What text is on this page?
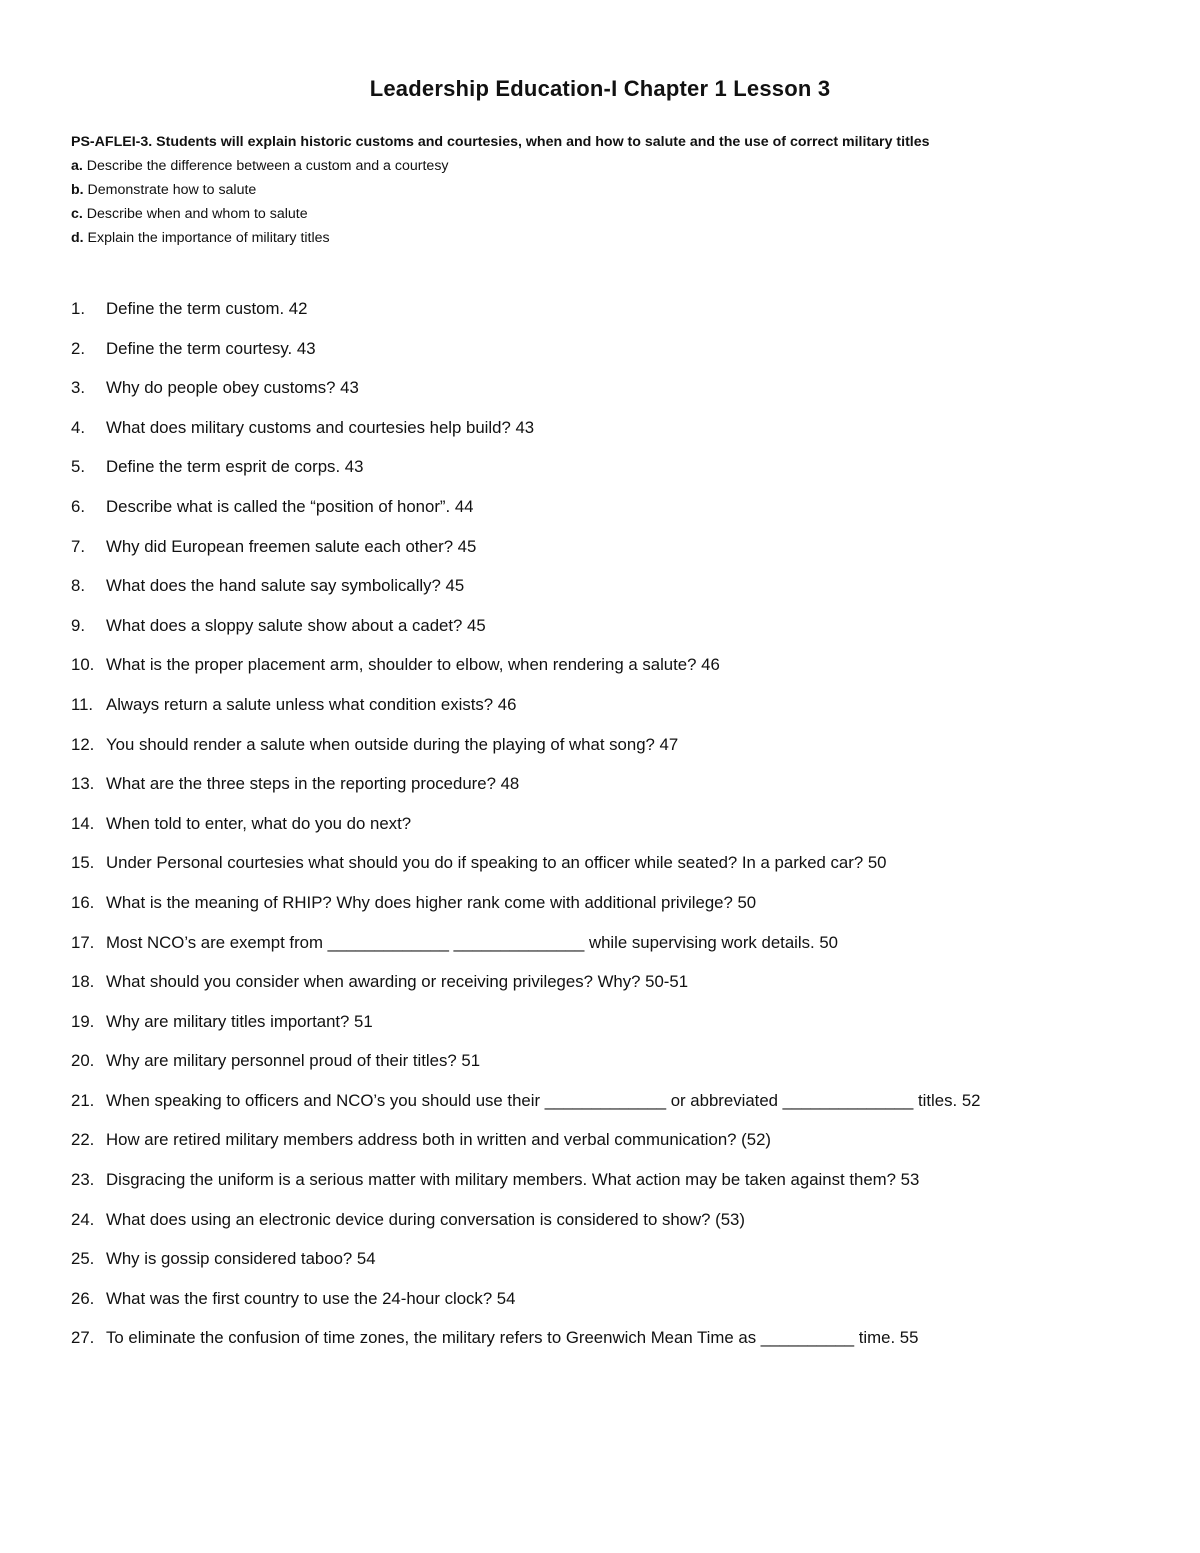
Leadership Education-I Chapter 1 Lesson 3
PS-AFLEI-3. Students will explain historic customs and courtesies, when and how to salute and the use of correct military titles
a. Describe the difference between a custom and a courtesy
b. Demonstrate how to salute
c. Describe when and whom to salute
d. Explain the importance of military titles
1.	Define the term custom. 42
2.	Define the term courtesy. 43
3.	Why do people obey customs? 43
4.	What does military customs and courtesies help build? 43
5.	Define the term esprit de corps. 43
6.	Describe what is called the “position of honor”. 44
7.	Why did European freemen salute each other? 45
8.	What does the hand salute say symbolically? 45
9.	What does a sloppy salute show about a cadet? 45
10. What is the proper placement arm, shoulder to elbow, when rendering a salute? 46
11. Always return a salute unless what condition exists? 46
12. You should render a salute when outside during the playing of what song? 47
13. What are the three steps in the reporting procedure? 48
14. When told to enter, what do you do next?
15. Under Personal courtesies what should you do if speaking to an officer while seated? In a parked car? 50
16. What is the meaning of RHIP? Why does higher rank come with additional privilege? 50
17. Most NCO’s are exempt from _____________ ______________ while supervising work details. 50
18. What should you consider when awarding or receiving privileges? Why? 50-51
19. Why are military titles important? 51
20. Why are military personnel proud of their titles? 51
21. When speaking to officers and NCO’s you should use their _____________ or abbreviated ______________ titles. 52
22. How are retired military members address both in written and verbal communication? (52)
23. Disgracing the uniform is a serious matter with military members. What action may be taken against them? 53
24. What does using an electronic device during conversation is considered to show? (53)
25. Why is gossip considered taboo? 54
26. What was the first country to use the 24-hour clock? 54
27. To eliminate the confusion of time zones, the military refers to Greenwich Mean Time as __________ time. 55
